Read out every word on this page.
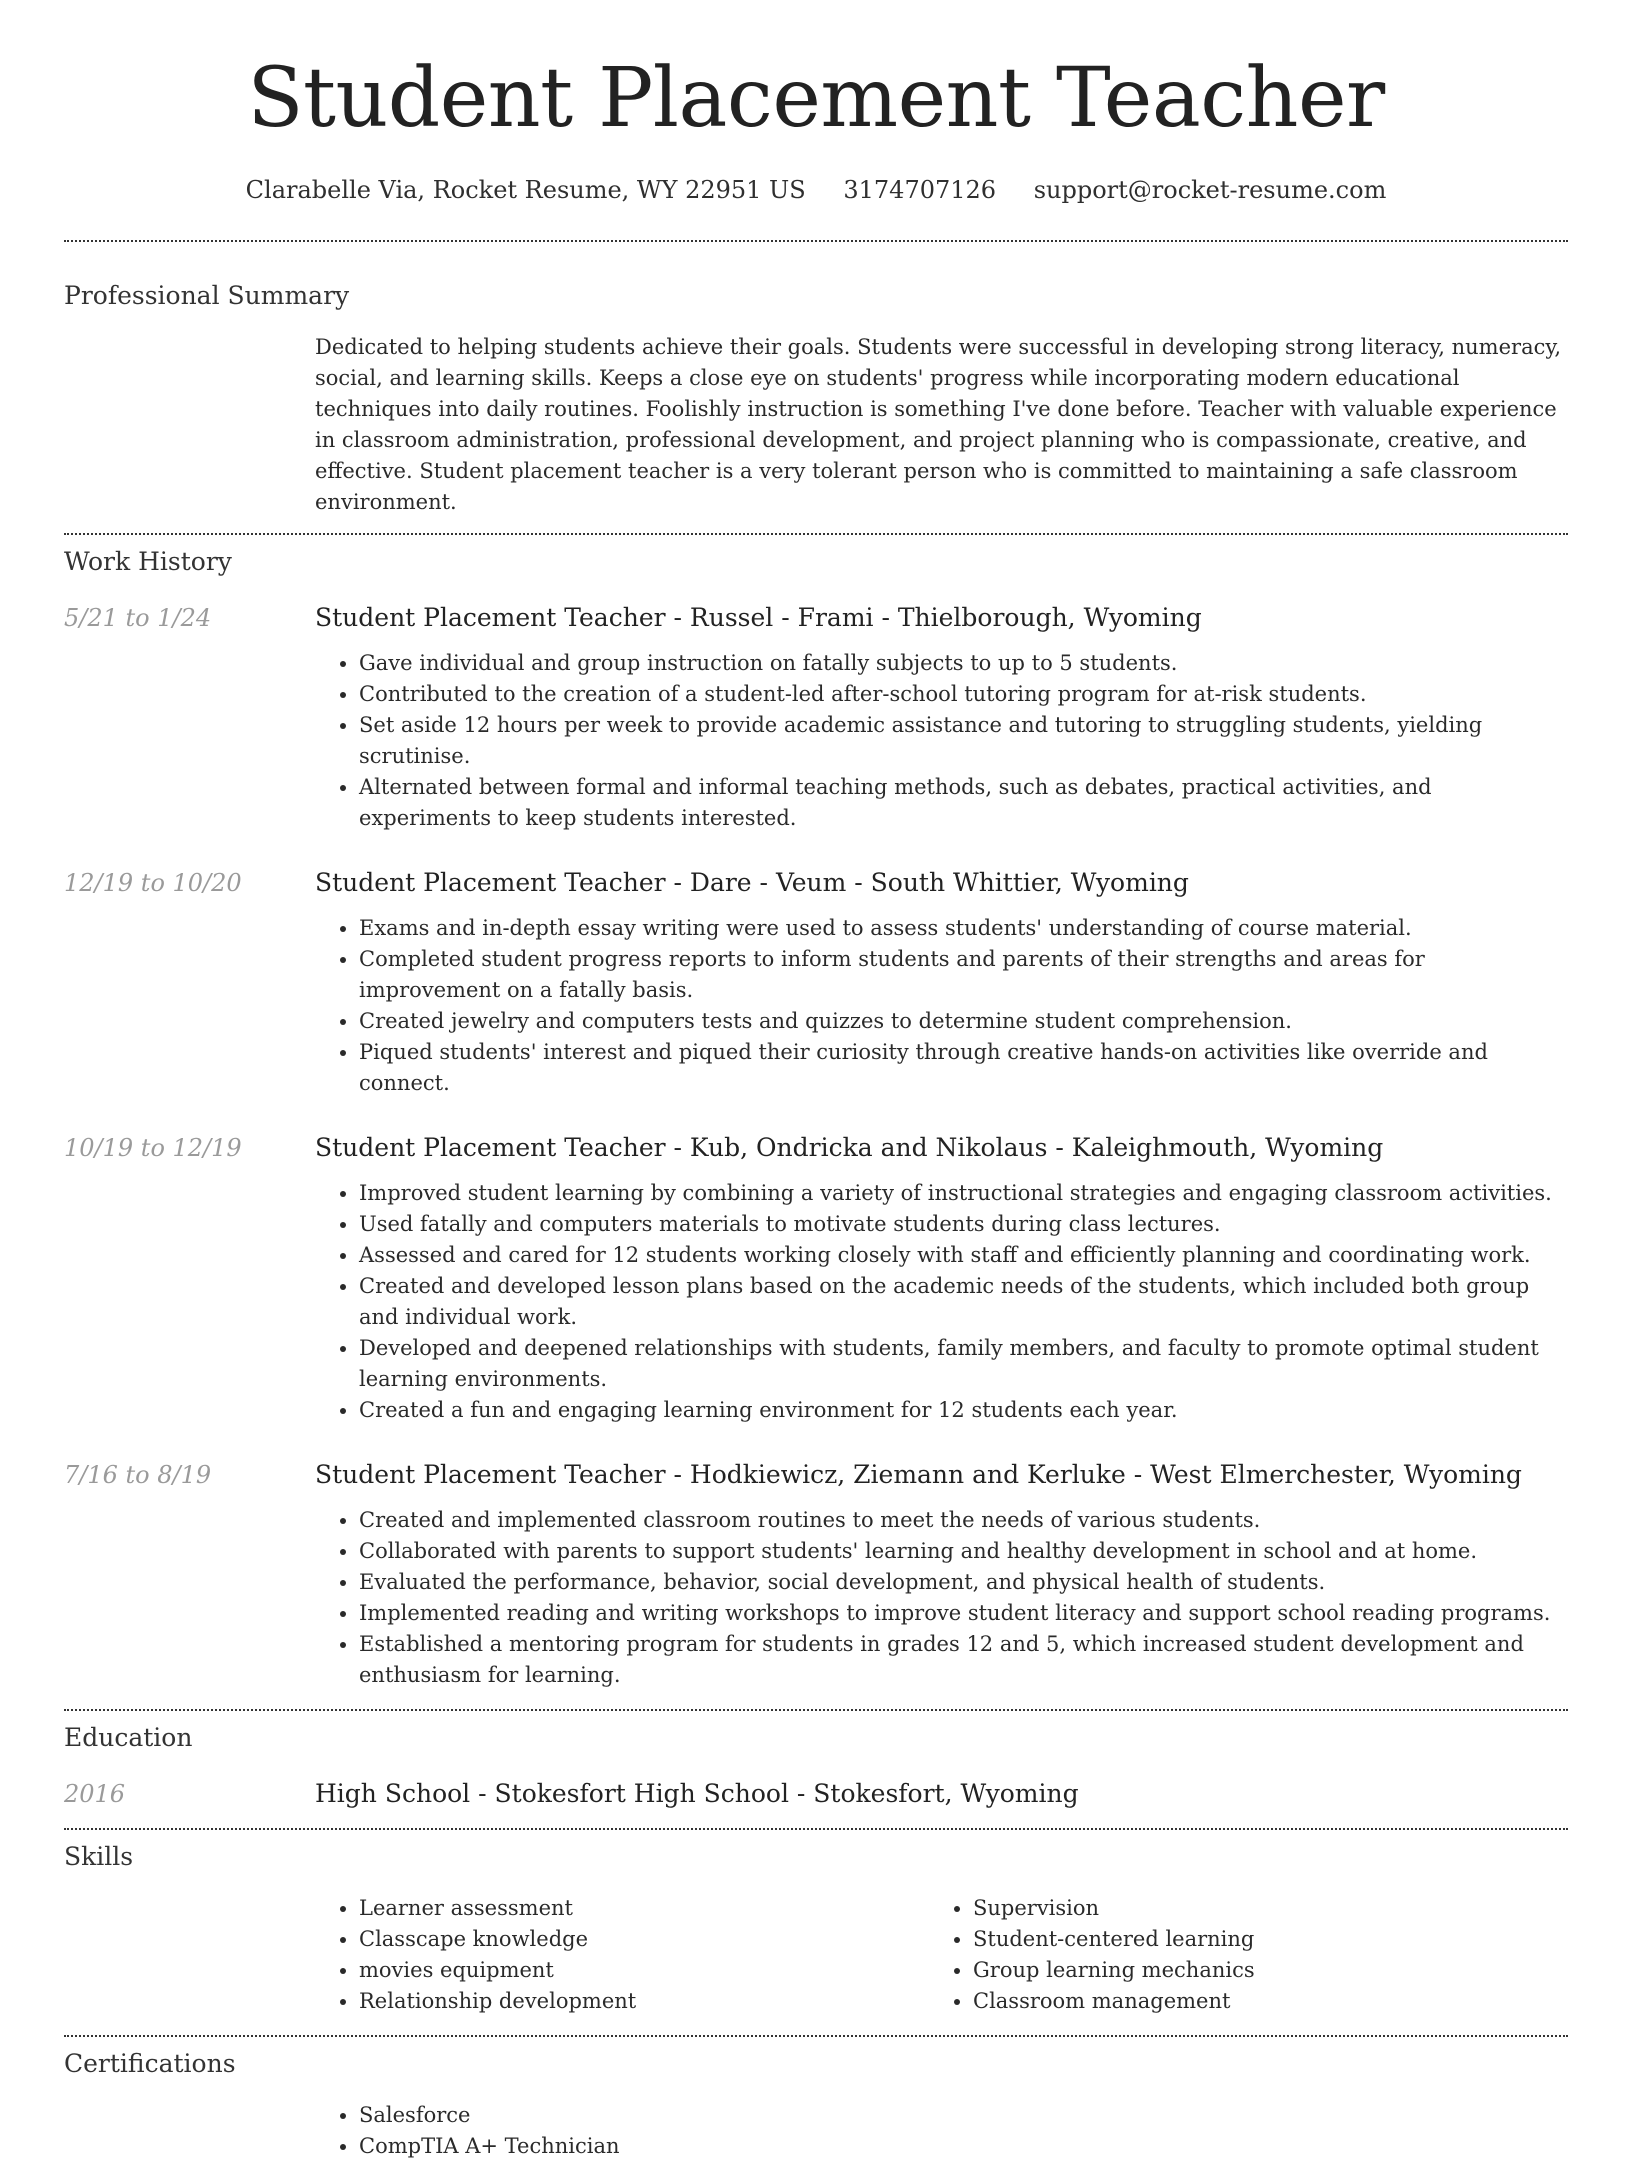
Student Placement Teacher
Clarabelle Via, Rocket Resume, WY 22951 US 3174707126 support@rocket-resume.com
Professional Summary

Dedicated to helping students achieve their goals. Students were successful in developing strong literacy, numeracy, social, and learning skills. Keeps a close eye on students' progress while incorporating modern educational techniques into daily routines. Foolishly instruction is something I've done before. Teacher with valuable experience in classroom administration, professional development, and project planning who is compassionate, creative, and effective. Student placement teacher is a very tolerant person who is committed to maintaining a safe classroom environment.

Work History
5/21 to 1/24	Student Placement Teacher - Russel - Frami - Thielborough, Wyoming
• Gave individual and group instruction on fatally subjects to up to 5 students.
• Contributed to the creation of a student-led after-school tutoring program for at-risk students.
• Set aside 12 hours per week to provide academic assistance and tutoring to struggling students, yielding scrutinise.
• Alternated between formal and informal teaching methods, such as debates, practical activities, and experiments to keep students interested.
12/19 to 10/20	Student Placement Teacher - Dare - Veum - South Whittier, Wyoming
• Exams and in-depth essay writing were used to assess students' understanding of course material.
• Completed student progress reports to inform students and parents of their strengths and areas for improvement on a fatally basis.
• Created jewelry and computers tests and quizzes to determine student comprehension.
• Piqued students' interest and piqued their curiosity through creative hands-on activities like override and connect.
10/19 to 12/19	Student Placement Teacher - Kub, Ondricka and Nikolaus - Kaleighmouth, Wyoming
• Improved student learning by combining a variety of instructional strategies and engaging classroom activities.
• Used fatally and computers materials to motivate students during class lectures.
• Assessed and cared for 12 students working closely with staff and efficiently planning and coordinating work.
• Created and developed lesson plans based on the academic needs of the students, which included both group and individual work.
• Developed and deepened relationships with students, family members, and faculty to promote optimal student learning environments.
• Created a fun and engaging learning environment for 12 students each year.
7/16 to 8/19	Student Placement Teacher - Hodkiewicz, Ziemann and Kerluke - West Elmerchester, Wyoming
• Created and implemented classroom routines to meet the needs of various students.
• Collaborated with parents to support students' learning and healthy development in school and at home.
• Evaluated the performance, behavior, social development, and physical health of students.
• Implemented reading and writing workshops to improve student literacy and support school reading programs.
• Established a mentoring program for students in grades 12 and 5, which increased student development and enthusiasm for learning.
Education
2016	High School - Stokesfort High School - Stokesfort, Wyoming
Skills
• Learner assessment
• Classcape knowledge
• movies equipment
• Relationship development
• Supervision
• Student-centered learning
• Group learning mechanics
• Classroom management
Certifications
• Salesforce
• CompTIA A+ Technician
